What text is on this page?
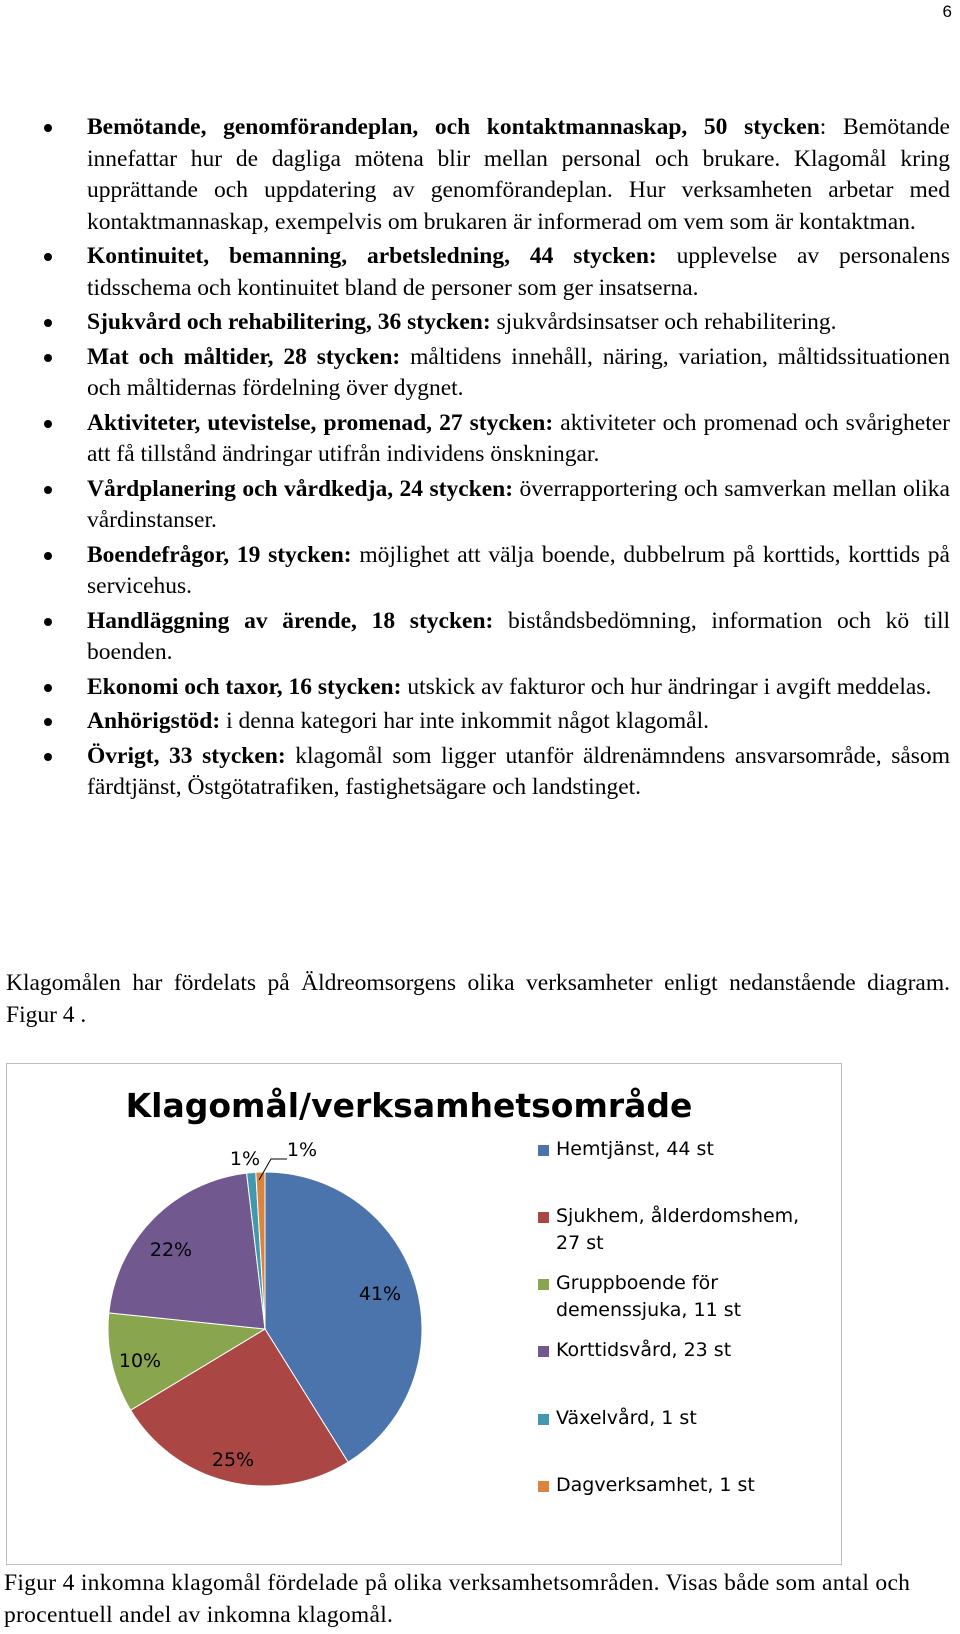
6
Bemötande, genomförandeplan, och kontaktmannaskap, 50 stycken: Bemötande innefattar hur de dagliga mötena blir mellan personal och brukare. Klagomål kring upprättande och uppdatering av genomförandeplan. Hur verksamheten arbetar med kontaktmannaskap, exempelvis om brukaren är informerad om vem som är kontaktman.
Kontinuitet, bemanning, arbetsledning, 44 stycken: upplevelse av personalens tidsschema och kontinuitet bland de personer som ger insatserna.
Sjukvård och rehabilitering, 36 stycken: sjukvårdsinsatser och rehabilitering.
Mat och måltider, 28 stycken: måltidens innehåll, näring, variation, måltidssituationen och måltidernas fördelning över dygnet.
Aktiviteter, utevistelse, promenad, 27 stycken: aktiviteter och promenad och svårigheter att få tillstånd ändringar utifrån individens önskningar.
Vårdplanering och vårdkedja, 24 stycken: överrapportering och samverkan mellan olika vårdinstanser.
Boendefrågor, 19 stycken: möjlighet att välja boende, dubbelrum på korttids, korttids på servicehus.
Handläggning av ärende, 18 stycken: biståndsbedömning, information och kö till boenden.
Ekonomi och taxor, 16 stycken: utskick av fakturor och hur ändringar i avgift meddelas.
Anhörigstöd: i denna kategori har inte inkommit något klagomål.
Övrigt, 33 stycken: klagomål som ligger utanför äldrenämndens ansvarsområde, såsom färdtjänst, Östgötatrafiken, fastighetsägare och landstinget.
Klagomålen har fördelats på Äldreomsorgens olika verksamheter enligt nedanstående diagram. Figur 4 .
Klagomål/verksamhetsområde
41%
25%
10%
22%
1% 1%	Hemtjänst, 44 st
Sjukhem, ålderdomshem,
27 st
Gruppboende för
demenssjuka, 11 st
Korttidsvård, 23 st
Växelvård, 1 st
Dagverksamhet, 1 st
Figur 4 inkomna klagomål fördelade på olika verksamhetsområden. Visas både som antal och procentuell andel av inkomna klagomål.
